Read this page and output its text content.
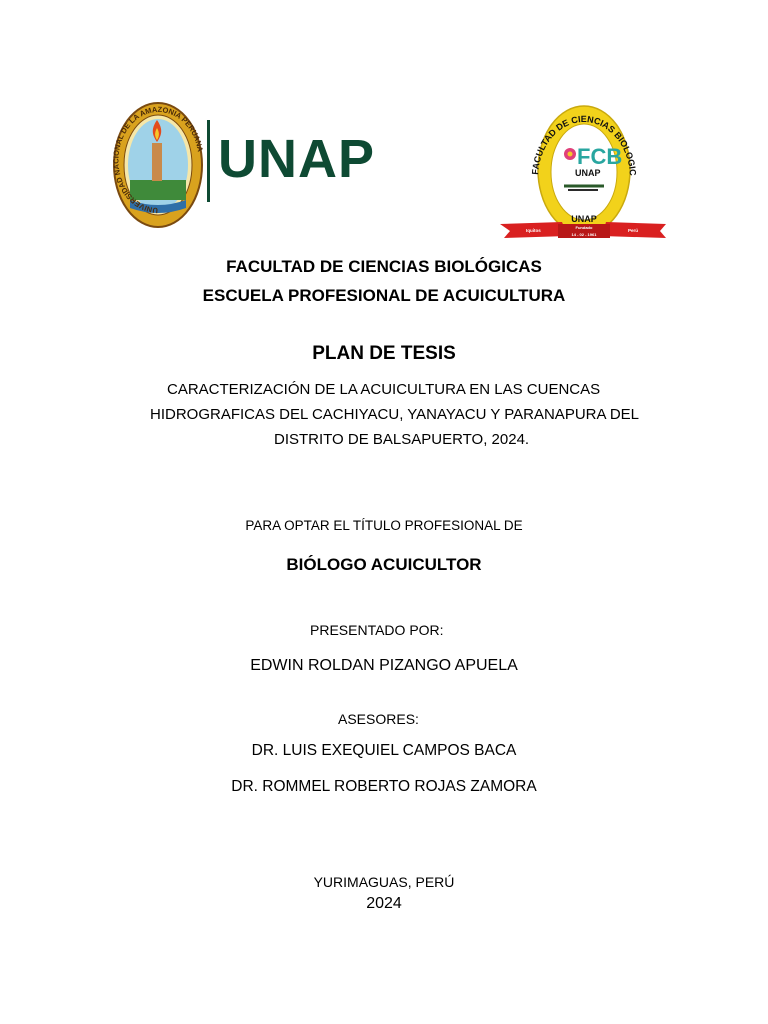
UNIVERSIDAD NACIONAL DE LA AMAZONIA PERUANA UNAP	FACULTAD DE CIENCIAS BIOLOGIC
FCB
UNAP
UNAP
Iquitos
Fundado
14 - 02 - 1961
Perú
FACULTAD DE CIENCIAS BIOLÓGICAS
ESCUELA PROFESIONAL DE ACUICULTURA
PLAN DE TESIS
CARACTERIZACIÓN DE LA ACUICULTURA EN LAS CUENCAS
HIDROGRAFICAS DEL CACHIYACU, YANAYACU Y PARANAPURA DEL
DISTRITO DE BALSAPUERTO, 2024.
PARA OPTAR EL TÍTULO PROFESIONAL DE
BIÓLOGO ACUICULTOR
PRESENTADO POR:
EDWIN ROLDAN PIZANGO APUELA
ASESORES:
DR. LUIS EXEQUIEL CAMPOS BACA
DR. ROMMEL ROBERTO ROJAS ZAMORA
YURIMAGUAS, PERÚ
2024
